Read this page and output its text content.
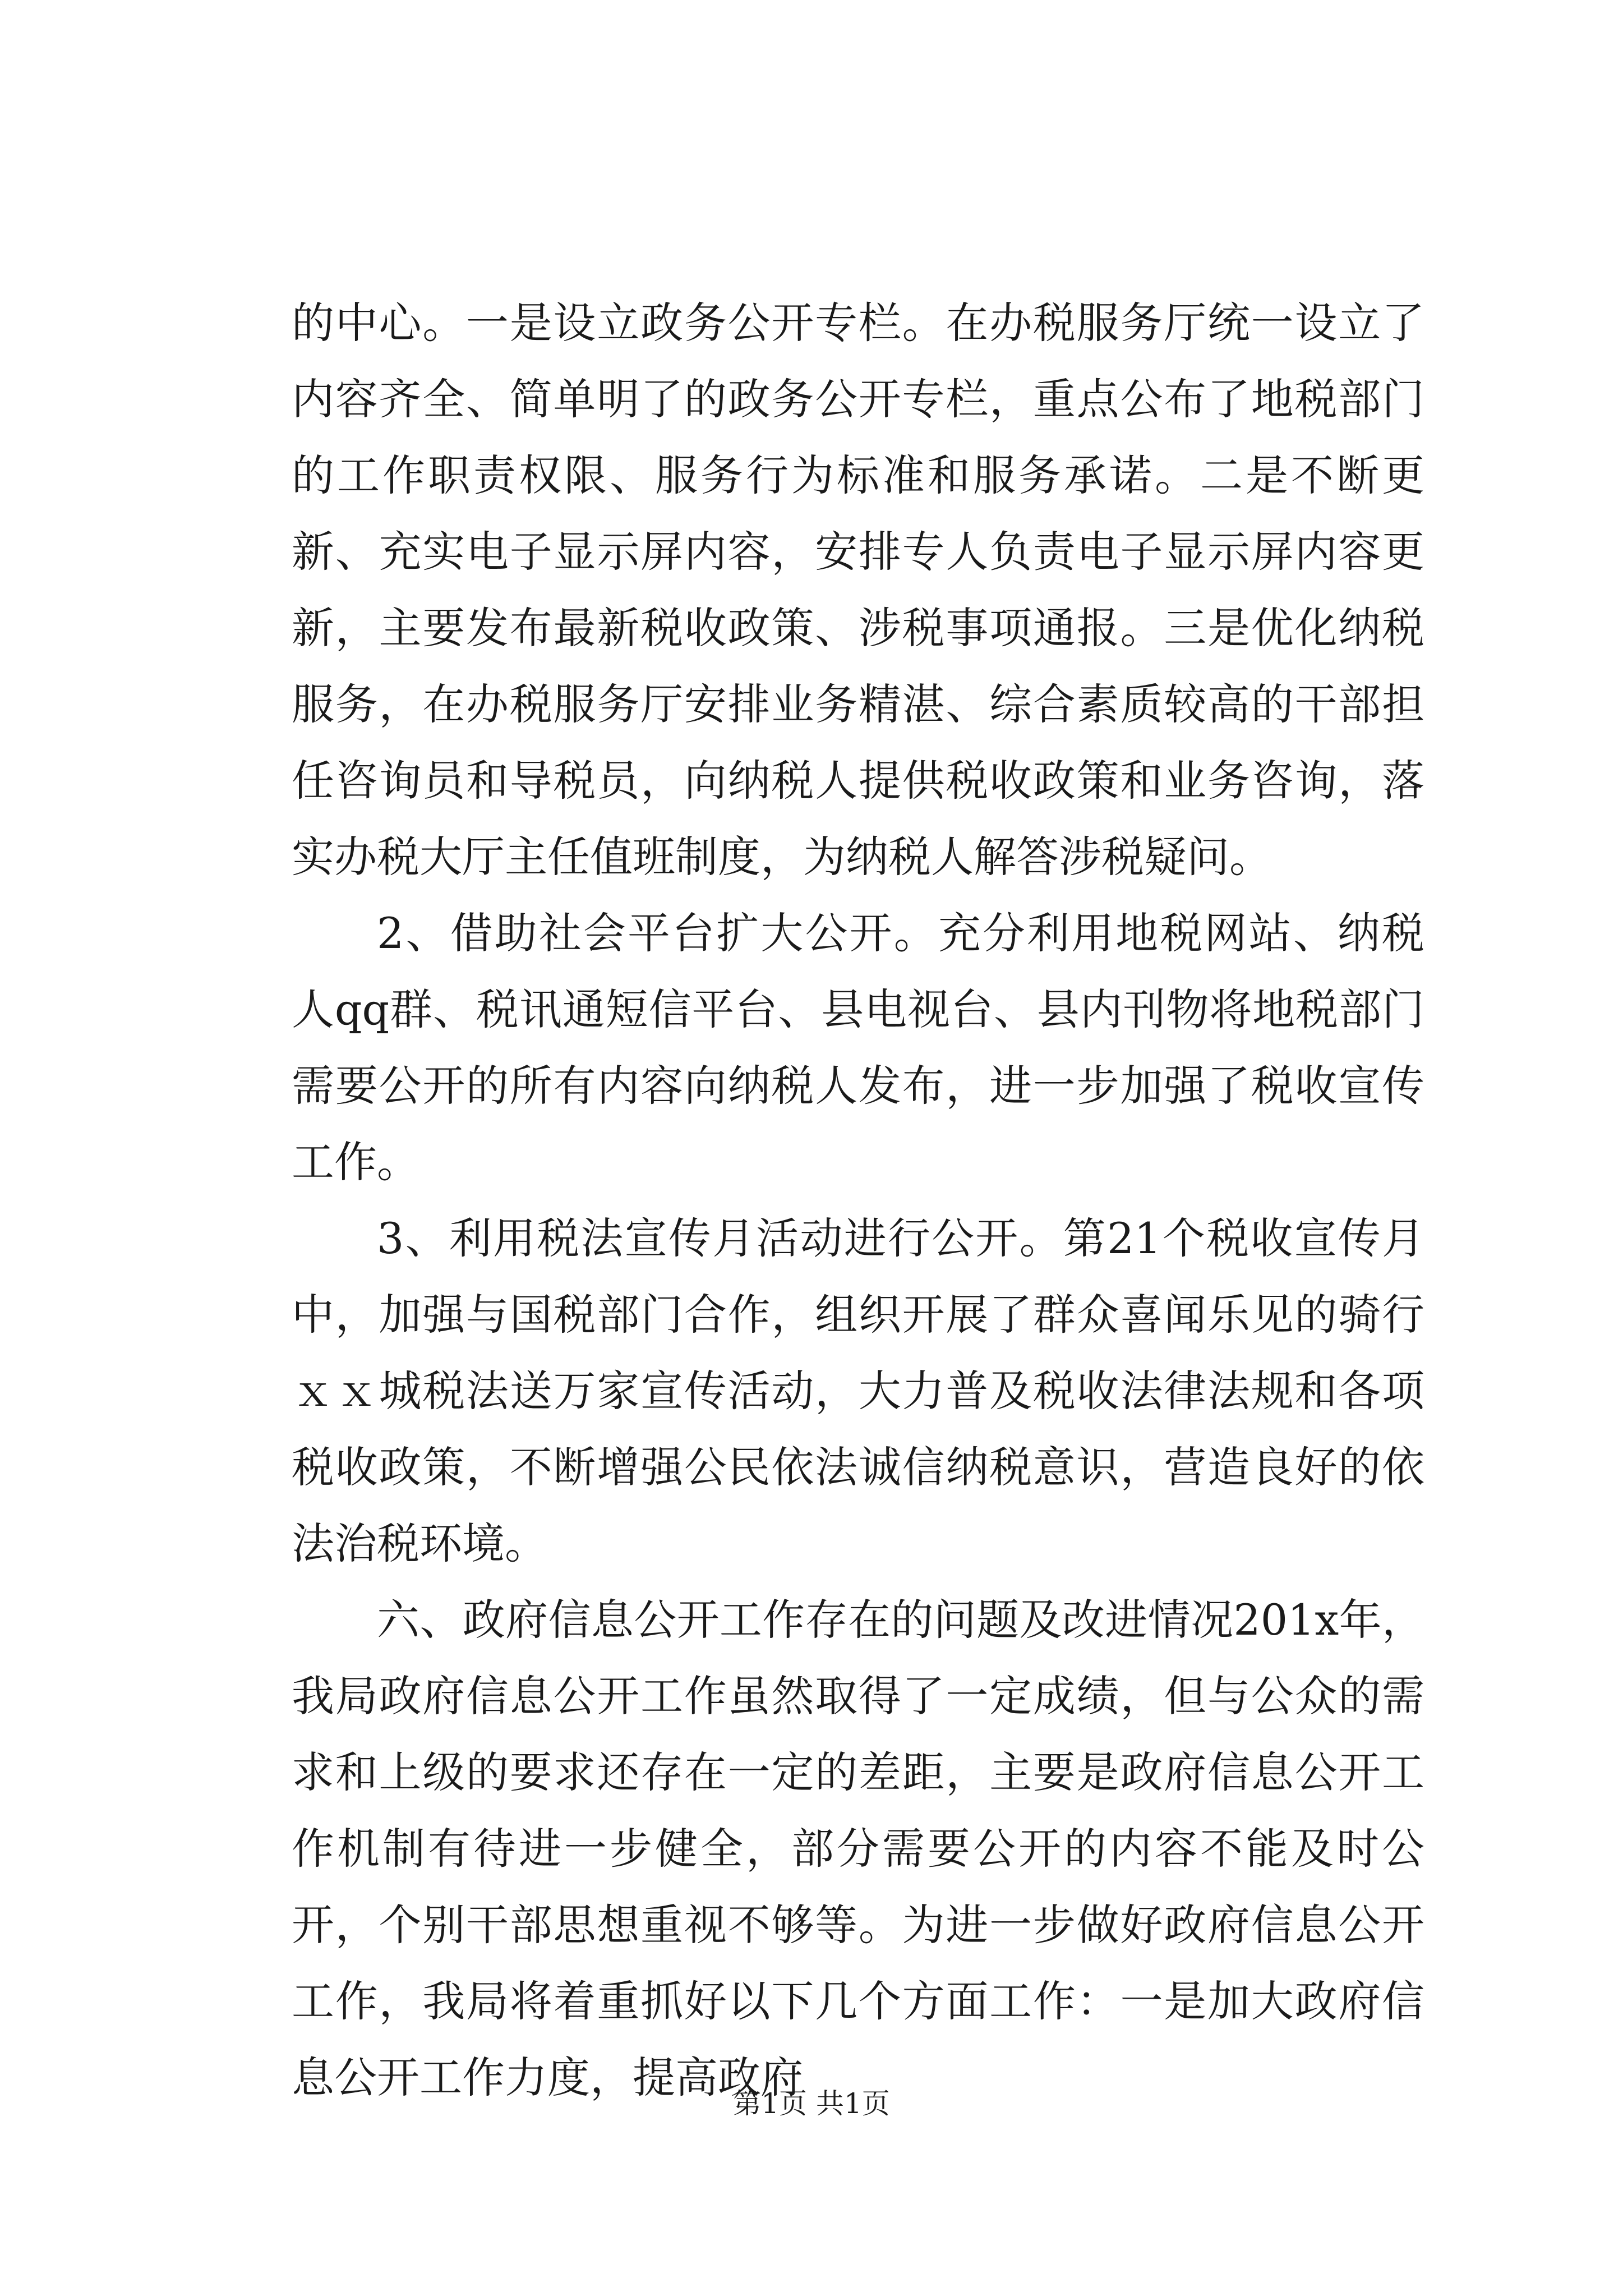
的中心。一是设立政务公开专栏。在办税服务厅统一设立了内容齐全、简单明了的政务公开专栏，重点公布了地税部门的工作职责权限、服务行为标准和服务承诺。二是不断更新、充实电子显示屏内容，安排专人负责电子显示屏内容更新，主要发布最新税收政策、涉税事项通报。三是优化纳税服务，在办税服务厅安排业务精湛、综合素质较高的干部担任咨询员和导税员，向纳税人提供税收政策和业务咨询，落实办税大厅主任值班制度，为纳税人解答涉税疑问。

2、借助社会平台扩大公开。充分利用地税网站、纳税人qq群、税讯通短信平台、县电视台、县内刊物将地税部门需要公开的所有内容向纳税人发布，进一步加强了税收宣传工作。

3、利用税法宣传月活动进行公开。第21个税收宣传月中，加强与国税部门合作，组织开展了群众喜闻乐见的骑行ｘｘ城税法送万家宣传活动，大力普及税收法律法规和各项税收政策，不断增强公民依法诚信纳税意识，营造良好的依法治税环境。

六、政府信息公开工作存在的问题及改进情况201x年，我局政府信息公开工作虽然取得了一定成绩，但与公众的需求和上级的要求还存在一定的差距，主要是政府信息公开工作机制有待进一步健全，部分需要公开的内容不能及时公开，个别干部思想重视不够等。为进一步做好政府信息公开工作，我局将着重抓好以下几个方面工作：一是加大政府信息公开工作力度，提高政府

第1页 共1页
